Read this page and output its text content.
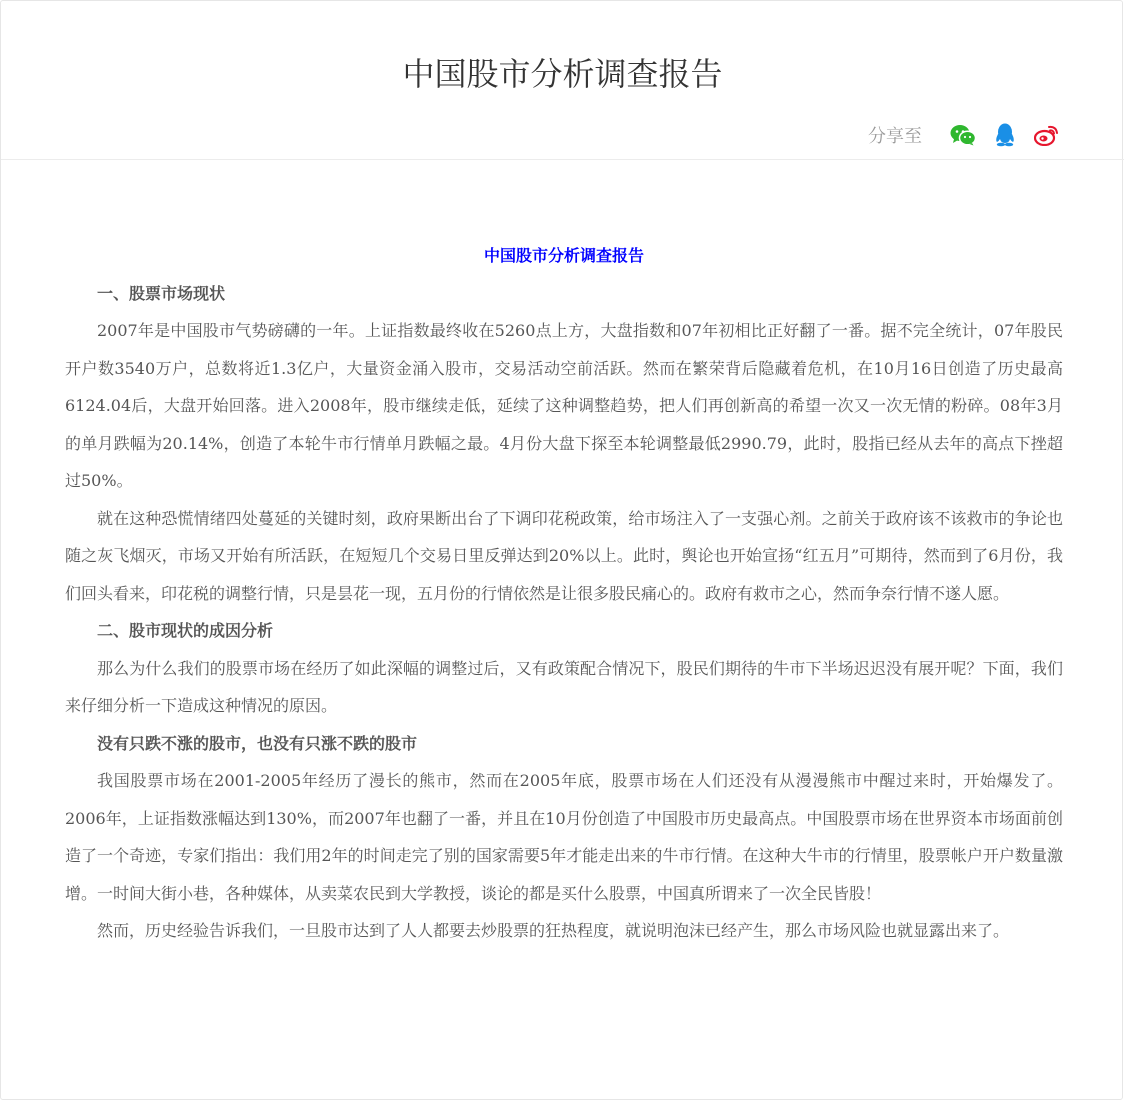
中国股市分析调查报告
分享至
中国股市分析调查报告

一、股票市场现状

2007年是中国股市气势磅礴的一年。上证指数最终收在5260点上方，大盘指数和07年初相比正好翻了一番。据不完全统计，07年股民开户数3540万户，总数将近1.3亿户，大量资金涌入股市，交易活动空前活跃。然而在繁荣背后隐藏着危机，在10月16日创造了历史最高6124.04后，大盘开始回落。进入2008年，股市继续走低，延续了这种调整趋势，把人们再创新高的希望一次又一次无情的粉碎。08年3月的单月跌幅为20.14%，创造了本轮牛市行情单月跌幅之最。4月份大盘下探至本轮调整最低2990.79，此时，股指已经从去年的高点下挫超过50%。

就在这种恐慌情绪四处蔓延的关键时刻，政府果断出台了下调印花税政策，给市场注入了一支强心剂。之前关于政府该不该救市的争论也随之灰飞烟灭，市场又开始有所活跃，在短短几个交易日里反弹达到20%以上。此时，舆论也开始宣扬“红五月”可期待，然而到了6月份，我们回头看来，印花税的调整行情，只是昙花一现，五月份的行情依然是让很多股民痛心的。政府有救市之心，然而争奈行情不遂人愿。

二、股市现状的成因分析

那么为什么我们的股票市场在经历了如此深幅的调整过后，又有政策配合情况下，股民们期待的牛市下半场迟迟没有展开呢？下面，我们来仔细分析一下造成这种情况的原因。

没有只跌不涨的股市，也没有只涨不跌的股市

我国股票市场在2001-2005年经历了漫长的熊市，然而在2005年底，股票市场在人们还没有从漫漫熊市中醒过来时，开始爆发了。2006年，上证指数涨幅达到130%，而2007年也翻了一番，并且在10月份创造了中国股市历史最高点。中国股票市场在世界资本市场面前创造了一个奇迹，专家们指出：我们用2年的时间走完了别的国家需要5年才能走出来的牛市行情。在这种大牛市的行情里，股票帐户开户数量激增。一时间大街小巷，各种媒体，从卖菜农民到大学教授，谈论的都是买什么股票，中国真所谓来了一次全民皆股！

然而，历史经验告诉我们，一旦股市达到了人人都要去炒股票的狂热程度，就说明泡沫已经产生，那么市场风险也就显露出来了。
